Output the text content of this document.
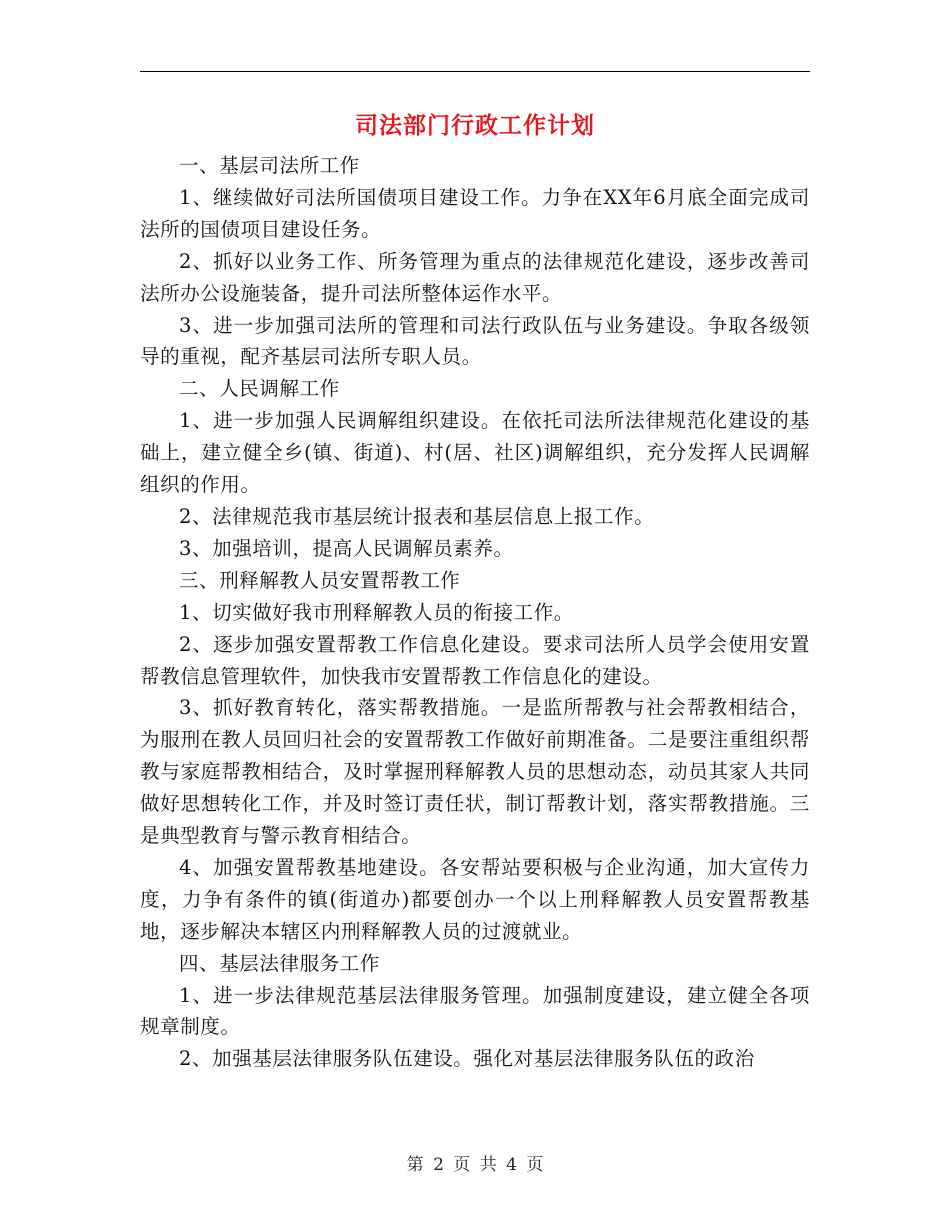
司法部门行政工作计划

一、基层司法所工作

1、继续做好司法所国债项目建设工作。力争在XX年6月底全面完成司法所的国债项目建设任务。

2、抓好以业务工作、所务管理为重点的法律规范化建设，逐步改善司法所办公设施装备，提升司法所整体运作水平。

3、进一步加强司法所的管理和司法行政队伍与业务建设。争取各级领导的重视，配齐基层司法所专职人员。

二、人民调解工作

1、进一步加强人民调解组织建设。在依托司法所法律规范化建设的基础上，建立健全乡(镇、街道)、村(居、社区)调解组织，充分发挥人民调解组织的作用。

2、法律规范我市基层统计报表和基层信息上报工作。

3、加强培训，提高人民调解员素养。

三、刑释解教人员安置帮教工作

1、切实做好我市刑释解教人员的衔接工作。

2、逐步加强安置帮教工作信息化建设。要求司法所人员学会使用安置帮教信息管理软件，加快我市安置帮教工作信息化的建设。

3、抓好教育转化，落实帮教措施。一是监所帮教与社会帮教相结合，为服刑在教人员回归社会的安置帮教工作做好前期准备。二是要注重组织帮教与家庭帮教相结合，及时掌握刑释解教人员的思想动态，动员其家人共同做好思想转化工作，并及时签订责任状，制订帮教计划，落实帮教措施。三是典型教育与警示教育相结合。

4、加强安置帮教基地建设。各安帮站要积极与企业沟通，加大宣传力度，力争有条件的镇(街道办)都要创办一个以上刑释解教人员安置帮教基地，逐步解决本辖区内刑释解教人员的过渡就业。

四、基层法律服务工作

1、进一步法律规范基层法律服务管理。加强制度建设，建立健全各项规章制度。

2、加强基层法律服务队伍建设。强化对基层法律服务队伍的政治

第 2 页 共 4 页
